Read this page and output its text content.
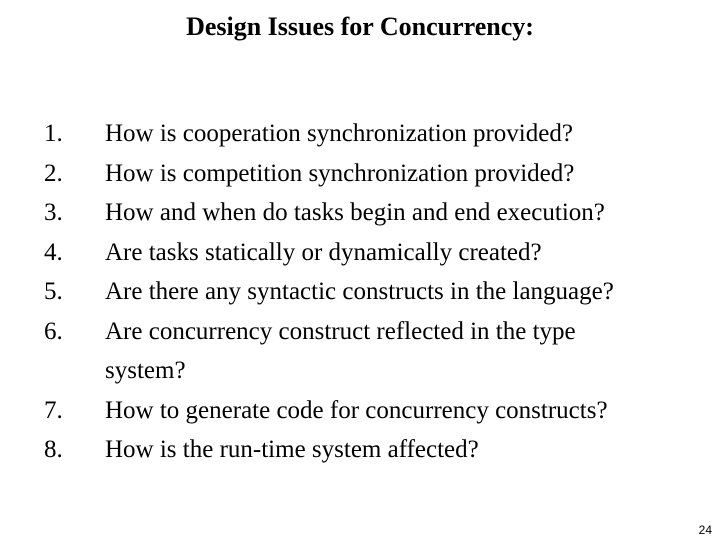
Design Issues for Concurrency:
1.	How is cooperation synchronization provided?
2.	How is competition synchronization provided?
3.	How and when do tasks begin and end execution?
4.	Are tasks statically or dynamically created?
5.	Are there any syntactic constructs in the language?
6.	Are concurrency construct reflected in the type system?
7.	How to generate code for concurrency constructs?
8.	How is the run-time system affected?
24
